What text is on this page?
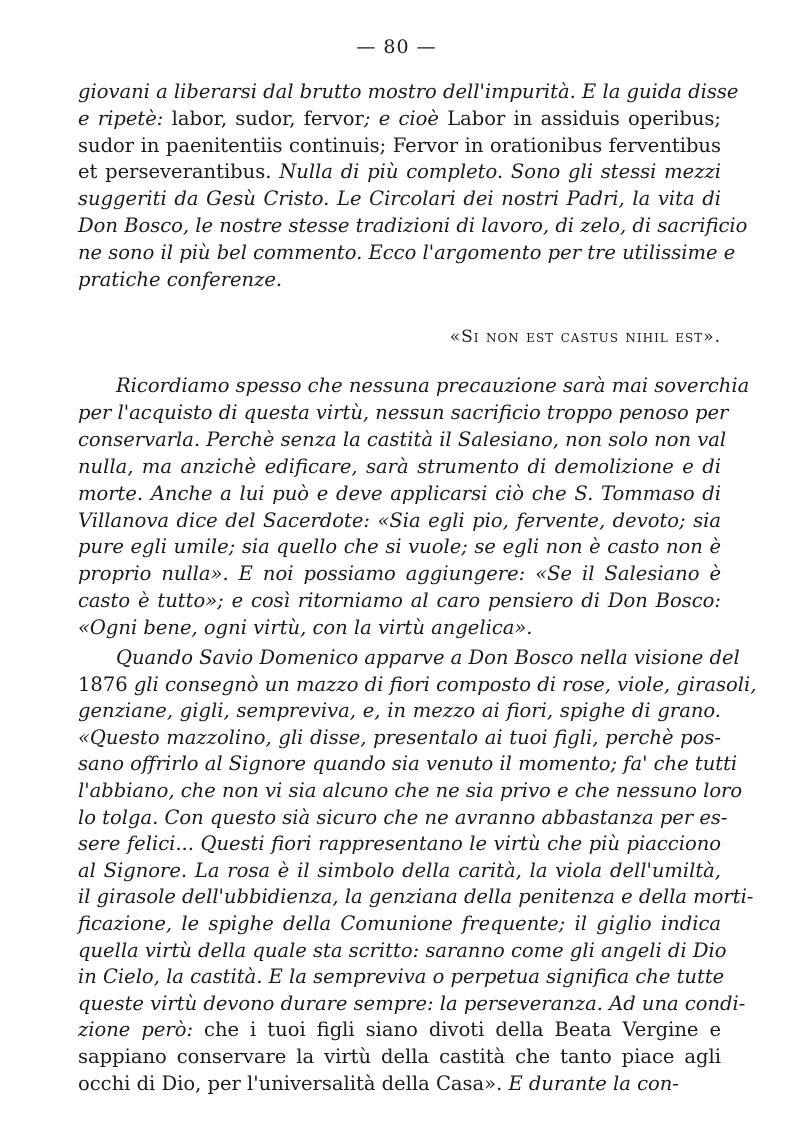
— 80 —
giovani a liberarsi dal brutto mostro dell'impurità. E la guida disse
e ripetè: labor, sudor, fervor; e cioè Labor in assiduis operibus;
sudor in paenitentiis continuis; Fervor in orationibus ferventibus
et perseverantibus. Nulla di più completo. Sono gli stessi mezzi
suggeriti da Gesù Cristo. Le Circolari dei nostri Padri, la vita di
Don Bosco, le nostre stesse tradizioni di lavoro, di zelo, di sacrificio
ne sono il più bel commento. Ecco l'argomento per tre utilissime e
pratiche conferenze.
«Si non est castus nihil est».
Ricordiamo spesso che nessuna precauzione sarà mai soverchia
per l'acquisto di questa virtù, nessun sacrificio troppo penoso per
conservarla. Perchè senza la castità il Salesiano, non solo non val
nulla, ma anzichè edificare, sarà strumento di demolizione e di
morte. Anche a lui può e deve applicarsi ciò che S. Tommaso di
Villanova dice del Sacerdote: «Sia egli pio, fervente, devoto; sia
pure egli umile; sia quello che si vuole; se egli non è casto non è
proprio nulla». E noi possiamo aggiungere: «Se il Salesiano è
casto è tutto»; e così ritorniamo al caro pensiero di Don Bosco:
«Ogni bene, ogni virtù, con la virtù angelica».
Quando Savio Domenico apparve a Don Bosco nella visione del
1876 gli consegnò un mazzo di fiori composto di rose, viole, girasoli,
genziane, gigli, sempreviva, e, in mezzo ai fiori, spighe di grano.
«Questo mazzolino, gli disse, presentalo ai tuoi figli, perchè pos-
sano offrirlo al Signore quando sia venuto il momento; fa' che tutti
l'abbiano, che non vi sia alcuno che ne sia privo e che nessuno loro
lo tolga. Con questo sià sicuro che ne avranno abbastanza per es-
sere felici... Questi fiori rappresentano le virtù che più piacciono
al Signore. La rosa è il simbolo della carità, la viola dell'umiltà,
il girasole dell'ubbidienza, la genziana della penitenza e della morti-
ficazione, le spighe della Comunione frequente; il giglio indica
quella virtù della quale sta scritto: saranno come gli angeli di Dio
in Cielo, la castità. E la sempreviva o perpetua significa che tutte
queste virtù devono durare sempre: la perseveranza. Ad una condi-
zione però: che i tuoi figli siano divoti della Beata Vergine e
sappiano conservare la virtù della castità che tanto piace agli
occhi di Dio, per l'universalità della Casa». E durante la con-
